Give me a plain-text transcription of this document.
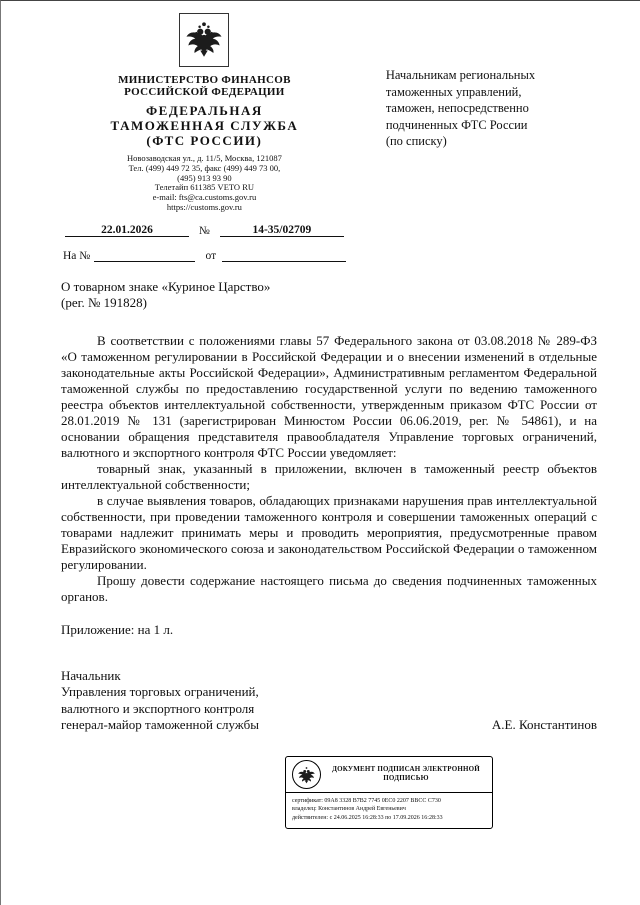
МИНИСТЕРСТВО ФИНАНСОВ
РОССИЙСКОЙ ФЕДЕРАЦИИ
ФЕДЕРАЛЬНАЯ
ТАМОЖЕННАЯ СЛУЖБА
(ФТС РОССИИ)
Новозаводская ул., д. 11/5, Москва, 121087
Тел. (499) 449 72 35, факс (499) 449 73 00,
(495) 913 93 90
Телетайп 611385 VETO RU
e-mail: fts@ca.customs.gov.ru
https://customs.gov.ru
22.01.2026	№	14-35/02709
На №	от
Начальникам региональных
таможенных управлений,
таможен, непосредственно
подчиненных ФТС России
(по списку)
О товарном знаке «Куриное Царство»
(рег. № 191828)

В соответствии с положениями главы 57 Федерального закона от 03.08.2018 № 289-ФЗ «О таможенном регулировании в Российской Федерации и о внесении изменений в отдельные законодательные акты Российской Федерации», Административным регламентом Федеральной таможенной службы по предоставлению государственной услуги по ведению таможенного реестра объектов интеллектуальной собственности, утвержденным приказом ФТС России от 28.01.2019 № 131 (зарегистрирован Минюстом России 06.06.2019, рег. № 54861), и на основании обращения представителя правообладателя Управление торговых ограничений, валютного и экспортного контроля ФТС России уведомляет:

товарный знак, указанный в приложении, включен в таможенный реестр объектов интеллектуальной собственности;

в случае выявления товаров, обладающих признаками нарушения прав интеллектуальной собственности, при проведении таможенного контроля и совершении таможенных операций с товарами надлежит принимать меры и проводить мероприятия, предусмотренные правом Евразийского экономического союза и законодательством Российской Федерации о таможенном регулировании.

Прошу довести содержание настоящего письма до сведения подчиненных таможенных органов.

Приложение: на 1 л.

Начальник
Управления торговых ограничений,
валютного и экспортного контроля
генерал-майор таможенной службы	А.Е. Константинов
ДОКУМЕНТ ПОДПИСАН ЭЛЕКТРОННОЙ ПОДПИСЬЮ
сертификат: 09A8 3328 B7B2 7745 0EC0 2207 BBCC C730
владелец: Константинов Андрей Евгеньевич
действителен: с 24.06.2025 16:28:33 по 17.09.2026 16:28:33
